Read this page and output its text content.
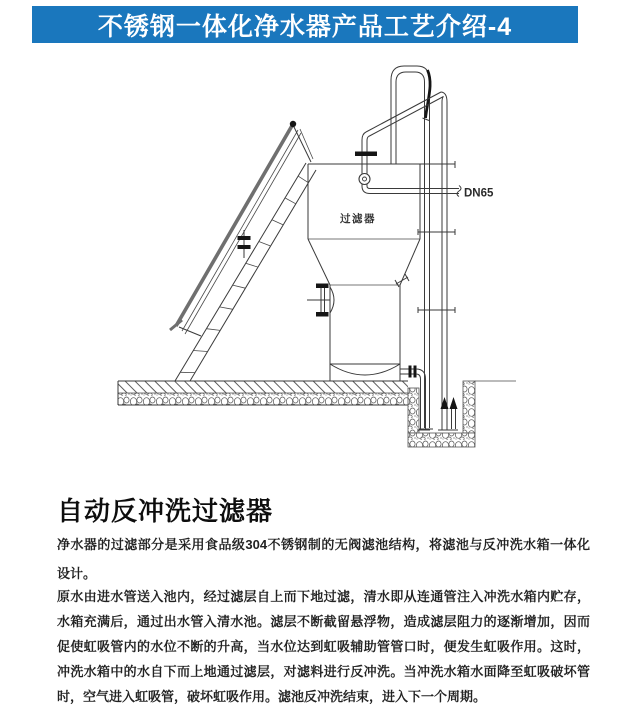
不锈钢一体化净水器产品工艺介绍-4
DN65
过滤器
自动反冲洗过滤器
净水器的过滤部分是采用食品级304不锈钢制的无阀滤池结构，将滤池与反冲洗水箱一体化
设计。
原水由进水管送入池内，经过滤层自上而下地过滤，清水即从连通管注入冲洗水箱内贮存，
水箱充满后，通过出水管入清水池。滤层不断截留悬浮物，造成滤层阻力的逐渐增加，因而
促使虹吸管内的水位不断的升高，当水位达到虹吸辅助管管口时，便发生虹吸作用。这时，
冲洗水箱中的水自下而上地通过滤层，对滤料进行反冲洗。当冲洗水箱水面降至虹吸破坏管
时，空气进入虹吸管，破坏虹吸作用。滤池反冲洗结束，进入下一个周期。
